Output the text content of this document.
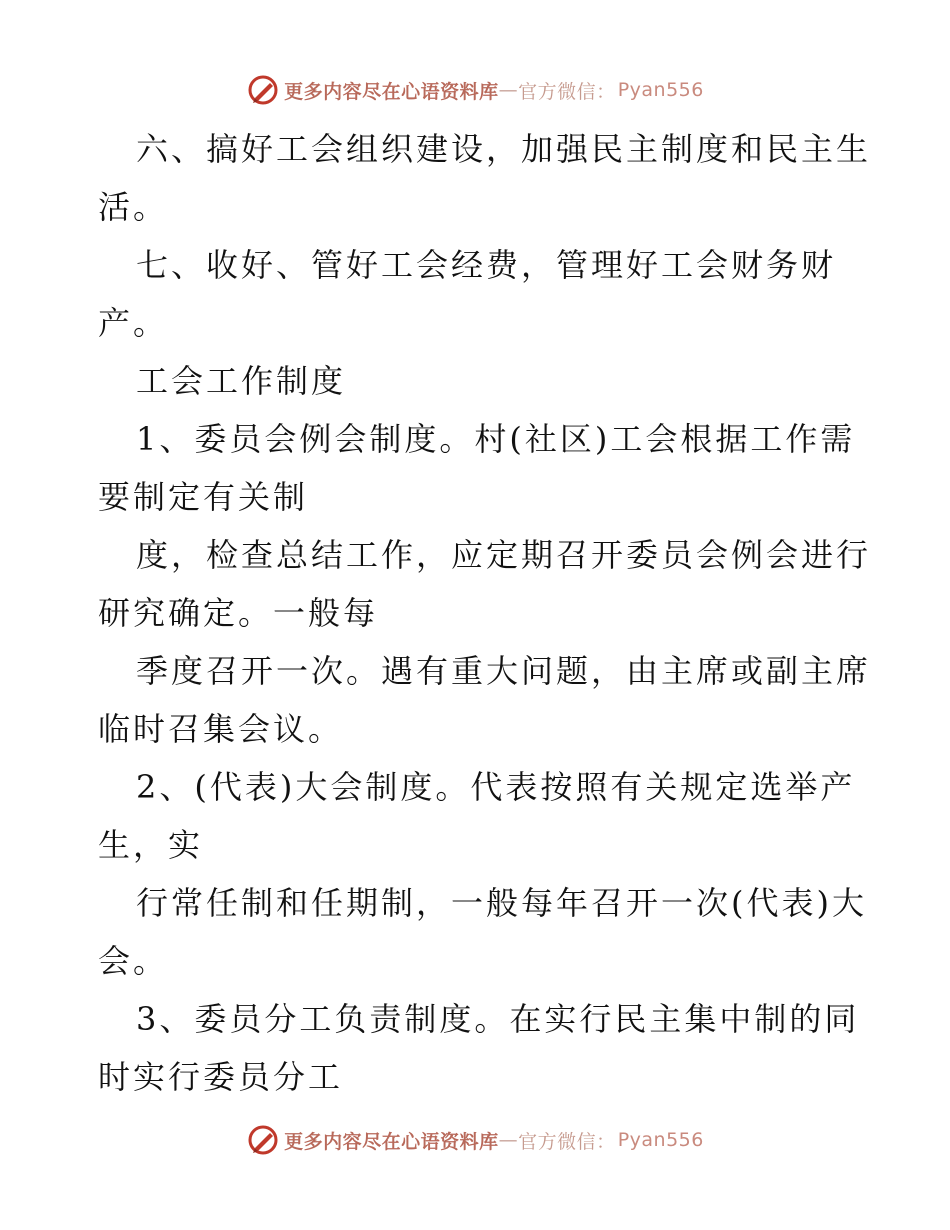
更多内容尽在心语资料库 — 官方微信： Pyan556
六、搞好工会组织建设，加强民主制度和民主生
活。
七、收好、管好工会经费，管理好工会财务财
产。
工会工作制度
1、委员会例会制度。村(社区)工会根据工作需
要制定有关制
度，检查总结工作，应定期召开委员会例会进行
研究确定。一般每
季度召开一次。遇有重大问题，由主席或副主席
临时召集会议。
2、(代表)大会制度。代表按照有关规定选举产
生，实
行常任制和任期制，一般每年召开一次(代表)大
会。
3、委员分工负责制度。在实行民主集中制的同
时实行委员分工
更多内容尽在心语资料库 — 官方微信： Pyan556
